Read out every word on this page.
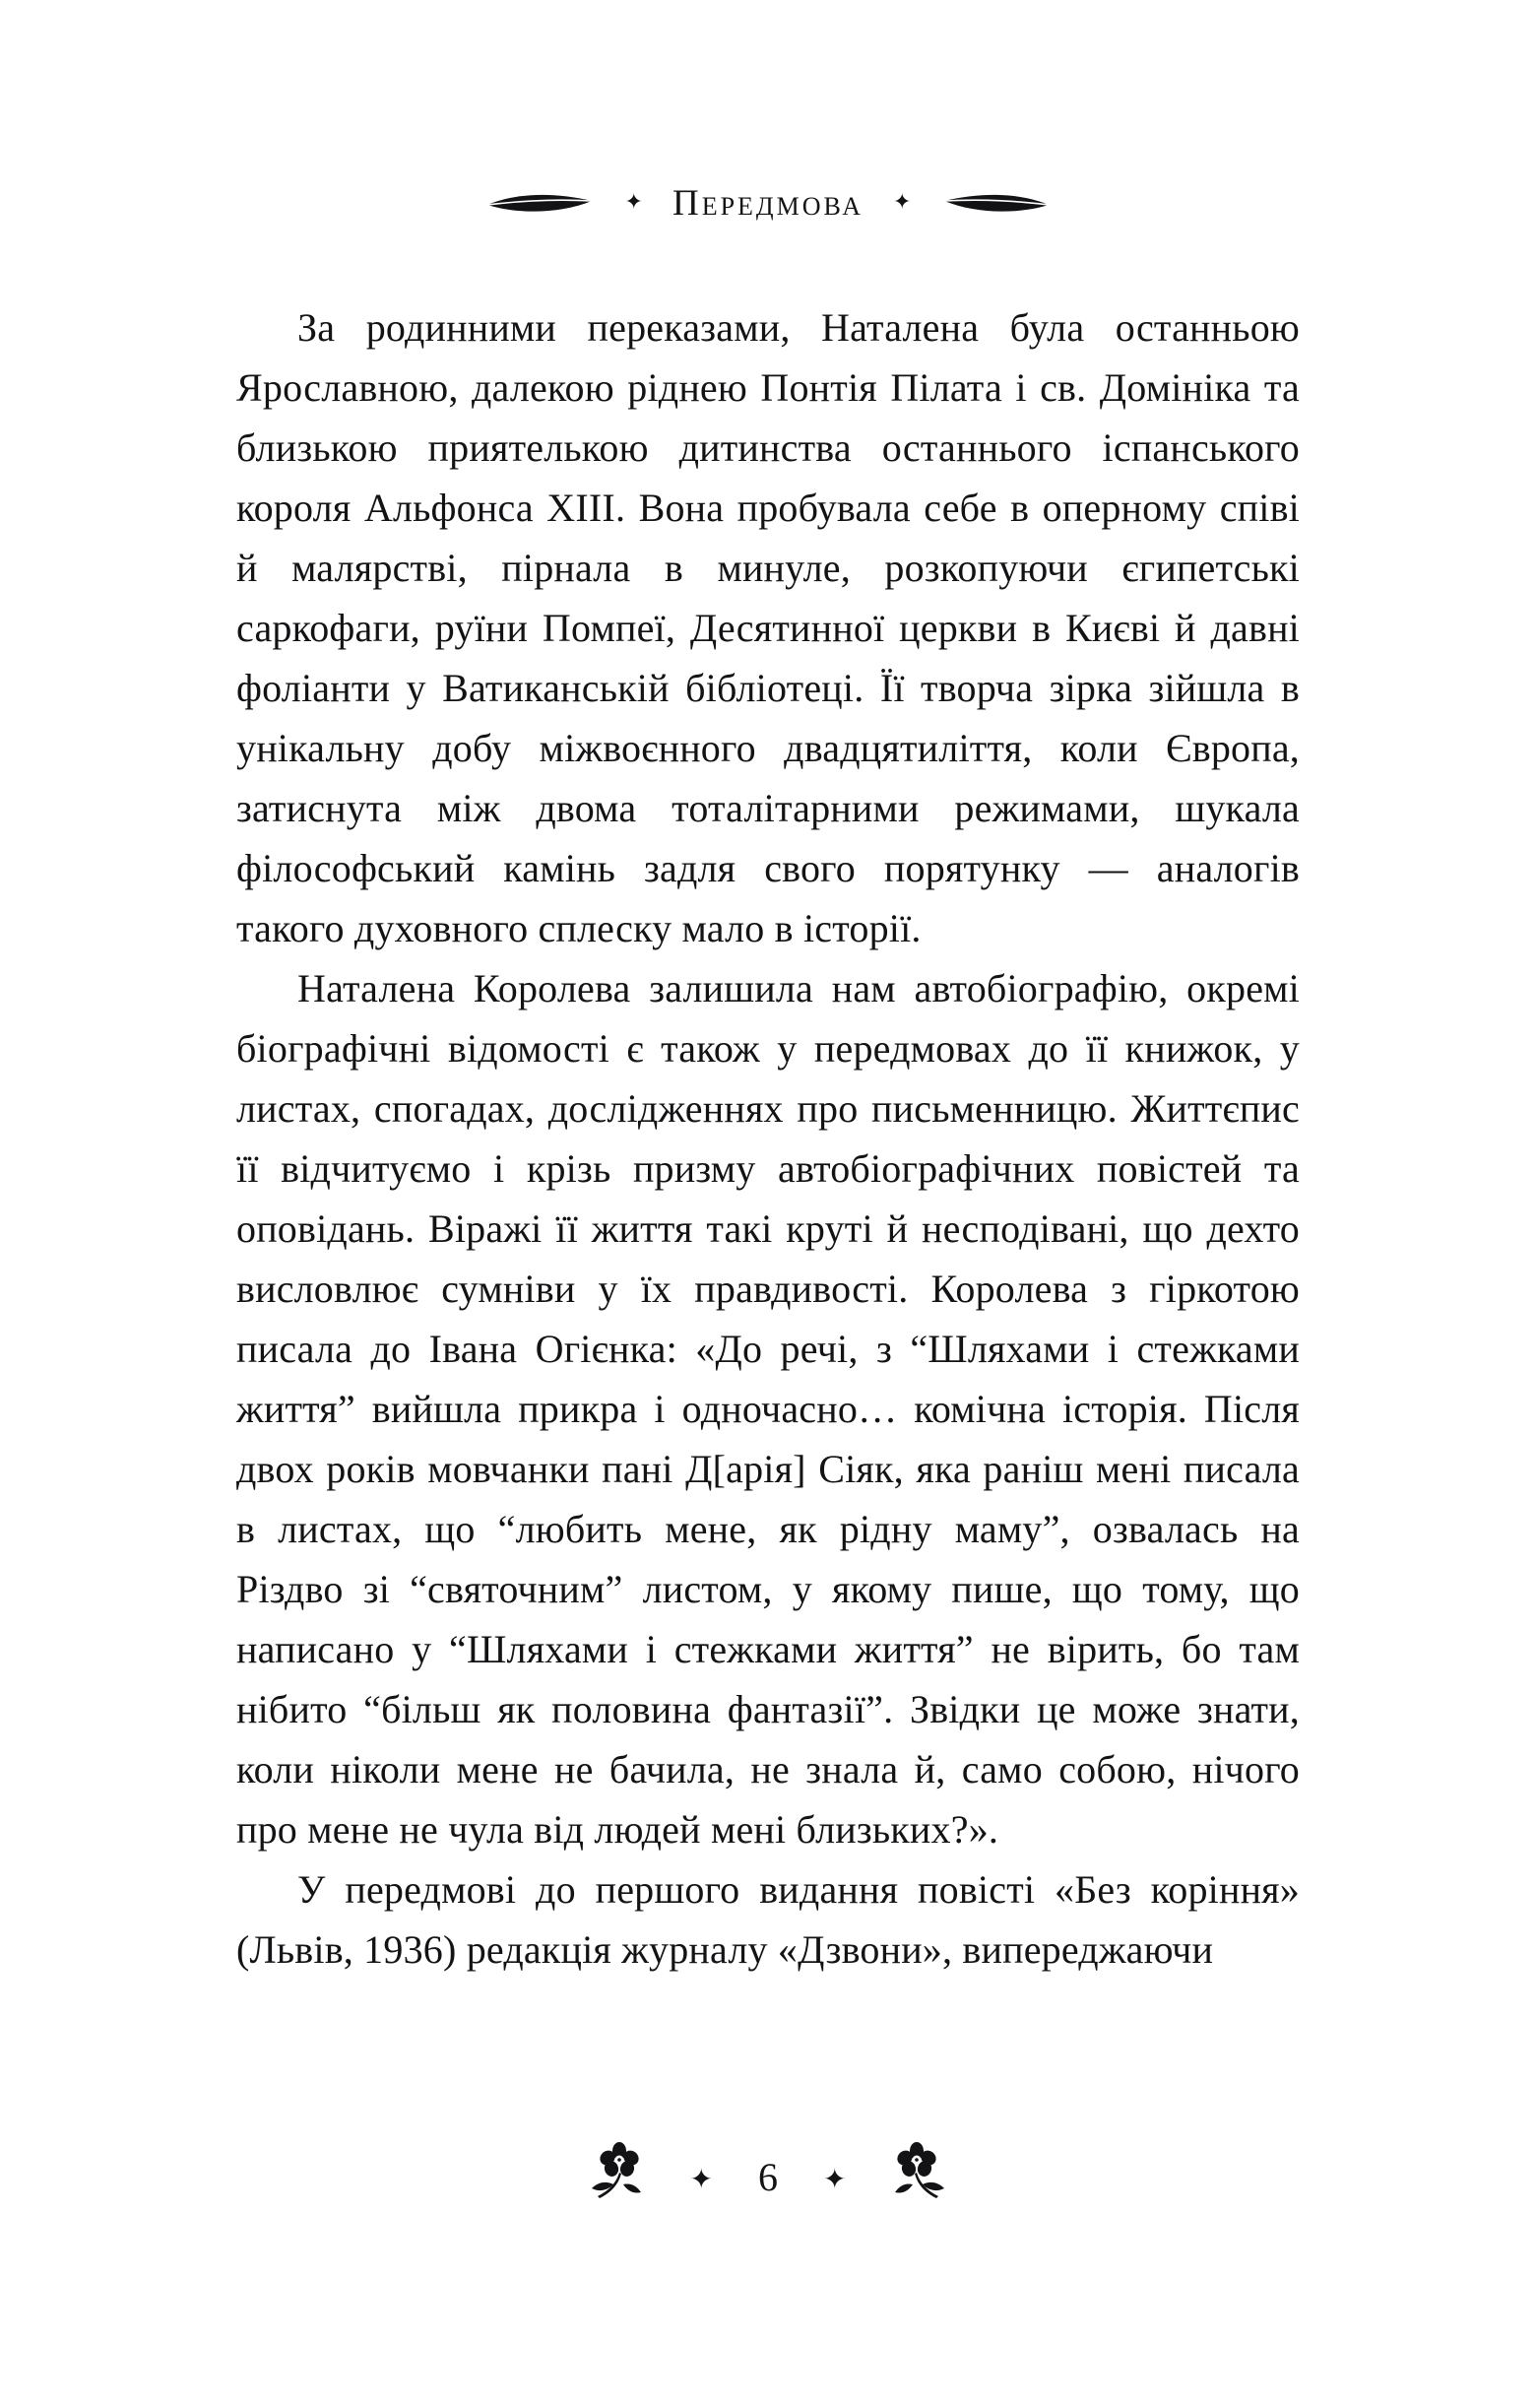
✦ Передмова ✦

За родинними переказами, Наталена була останньою Ярославною, далекою ріднею Понтія Пілата і св. Домініка та близькою приятелькою дитинства останнього іспанського короля Альфонса XIII. Вона пробувала себе в оперному співі й малярстві, пірнала в минуле, розкопуючи єгипетські саркофаги, руїни Помпеї, Десятинної церкви в Києві й давні фоліанти у Ватиканській бібліотеці. Її творча зірка зійшла в унікальну добу міжвоєнного двадцятиліття, коли Європа, затиснута між двома тоталітарними режимами, шукала філософський камінь задля свого порятунку — аналогів такого духовного сплеску мало в історії.

Наталена Королева залишила нам автобіографію, окремі біографічні відомості є також у передмовах до її книжок, у листах, спогадах, дослідженнях про письменницю. Життєпис її відчитуємо і крізь призму автобіографічних повістей та оповідань. Віражі її життя такі круті й несподівані, що дехто висловлює сумніви у їх правдивості. Королева з гіркотою писала до Івана Огієнка: «До речі, з “Шляхами і стежками життя” вийшла прикра і одночасно… комічна історія. Після двох років мовчанки пані Д[арія] Сіяк, яка раніш мені писала в листах, що “любить мене, як рідну маму”, озвалась на Різдво зі “святочним” листом, у якому пише, що тому, що написано у “Шляхами і стежками життя” не вірить, бо там нібито “більш як половина фантазії”. Звідки це може знати, коли ніколи мене не бачила, не знала й, само собою, нічого про мене не чула від людей мені близьких?».

У передмові до першого видання повісті «Без коріння» (Львів, 1936) редакція журналу «Дзвони», випереджаючи

✦ 6 ✦
